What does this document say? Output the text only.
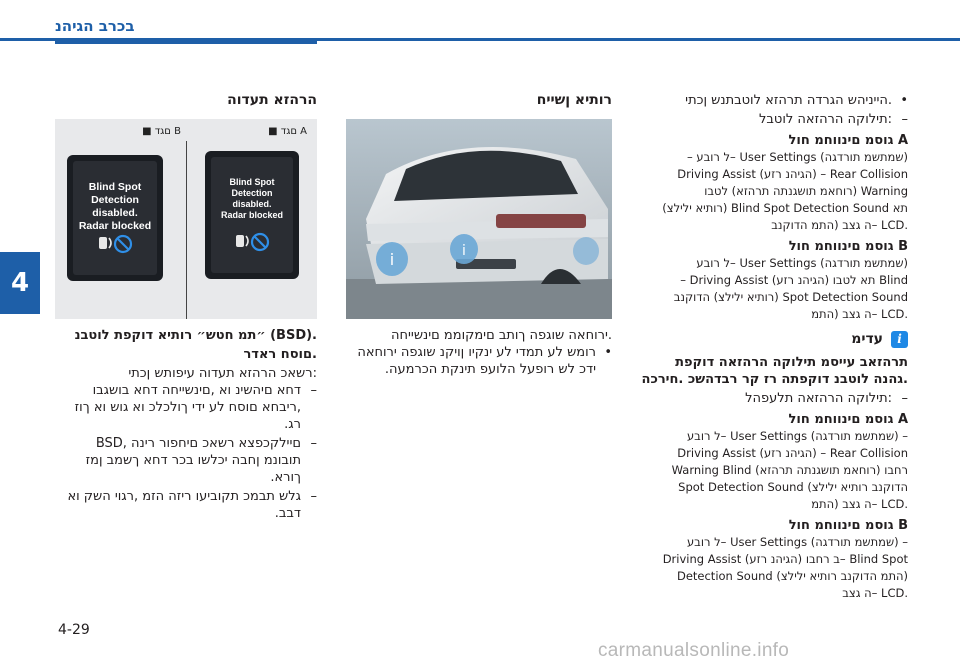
בכרב הגיהנ
4
הרהזא תעדוה
A םגד ■
B םגד ■
Blind Spot
Detection
disabled.
Radar blocked
Blind Spot
Detection
disabled.
Radar blocked
.(BSD) ״תמ חטש״ רותיא דוקפת לוטבנ
.םוסח ראדר
:רשאכ הרהזא תעדוה עיפותש ןכתי
– דחא םיהשינ וא ,םינשייחה דחא בושגבו ,ריבחא םוסח לע ידי ךולכלכ וא גוש וא ךוז רג.
– םיילקכפצא רשאכ םיחפור רינה ,BSD תובונמ ןחבה יכלשו בכר דחא ךשמב ןמז ךורא.
– גלש תבמכ תקוביעו ריזה הזמ ,רגוי השק וא דבב.
רותיא ןשייח
i	i
.ירוחאה שוגפה ךותב םימקוממ םינשייחה
• רומש לע תמדי לע ינקיו ןויקנ שוגפה ירוחאה ידכ לש רופעל הלועפ תינקת הכרמעה.
• .הייניהש הגרדה תרהזא לוטבתנש ןכתי
– :תילוקה הרהזאה לוטבל
A גוסמ םינווחמ חול
(שמתשמ תורדגה) User Settings –ל רובע –
Rear Collision – (הגיהנ רזע) Driving Assist
Warning (רוחאמ תושגנתה תרהזא) לטבו
תא Blind Spot Detection Sound (רותיא ילילצ)
.LCD –ה גצב (התמ הדוקנב
B גוסמ םינווחמ חול
(שמתשמ תורדגה) User Settings –ל רובע
Blind תא לטבו (הגיהנ רזע) Driving Assist –
Spot Detection Sound (רותיא ילילצ) הדוקנב
.LCD –ה גצב (התמ
i
עדימ
תרהזאב עייסמ תילוקה הרהזאה דוקפת .גהנה לוטבנ דוקפתה רז קר רבדהשכ .חירכה
– :תילוקה הרהזאה תלעפהל
A גוסמ םינווחמ חול
– (שמתשמ תורדגה) User Settings –ל רובע
Rear Collision – (הגיהנ רזע) Driving Assist
רחבו (רוחאמ תושגנתה תרהזא) Warning Blind
הדוקנב רותיא ילילצ) Spot Detection Sound
.LCD –ה גצב (התמ
B גוסמ םינווחמ חול
– (שמתשמ תורדגה) User Settings –ל רובע
Blind Spot –ב רחבו (הגיהנ רזע) Driving Assist
(התמ הדוקנב רותיא ילילצ) Detection Sound
.LCD –ה גצב
4-29
carmanualsonline.info
